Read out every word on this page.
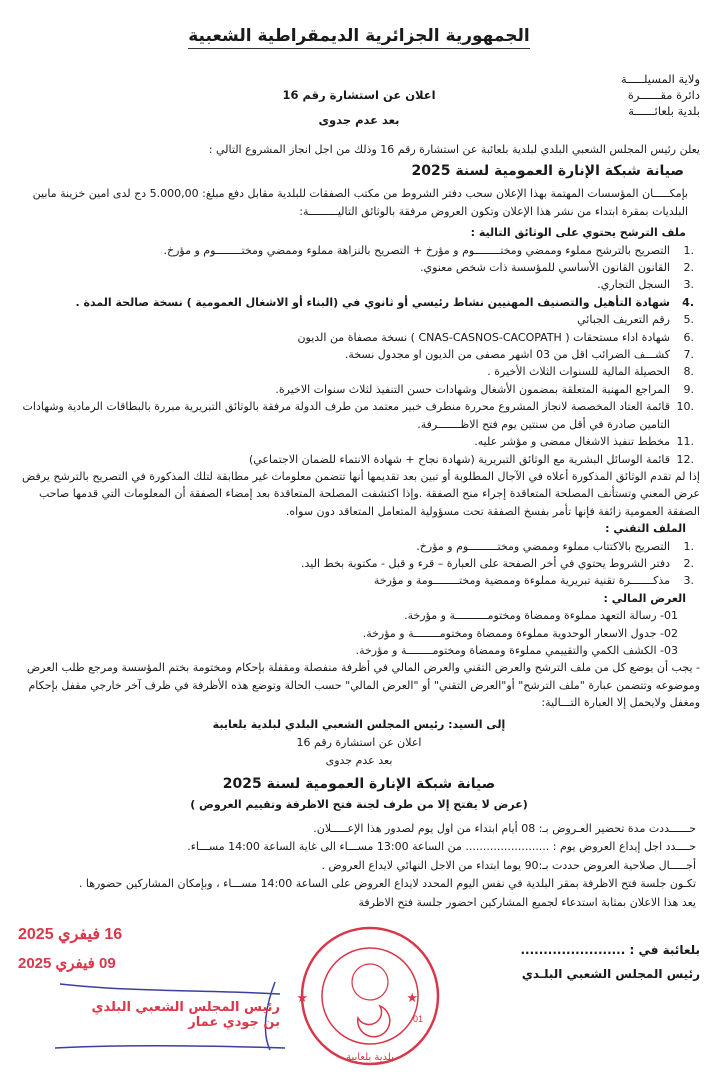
الجمهورية الجزائرية الديمقراطية الشعبية
ولاية المسيلـــــة
دائرة مقــــــرة
بلدية بلعائــــــة
اعلان عن استشارة رقم 16
بعد عدم جدوى

يعلن رئيس المجلس الشعبي البلدي لبلدية بلعائبة عن استشارة رقم 16 وذلك من اجل انجاز المشروع التالي :

صيانة شبكة الإنارة العمومية لسنة 2025

بإمكـــــان المؤسسات المهتمة بهذا الإعلان سحب دفتر الشروط من مكتب الصفقات للبلدية مقابل دفع مبلغ: 5.000,00 دج لدى امين خزينة مابين البلديات بمقرة ابتداء من نشر هذا الإعلان وتكون العروض مرفقة بالوثائق التاليـــــــــة:

ملف الترشح يحتوي على الوثائق التالية :

.1
التصريح بالترشح مملوء وممضي ومختــــــــوم و مؤرخ + التصريح بالنزاهة مملوء وممضي ومختــــــــوم و مؤرخ.
.2
القانون القانون الأساسي للمؤسسة ذات شخص معنوي.
.3
السجل التجاري.
.4
شهادة التأهيل والتصنيف المهنيين نشاط رئيسي أو ثانوي في (البناء أو الاشغال العمومية ) نسخة صالحة المدة .
.5
رقم التعريف الجبائي
.6
شهادة اداء مستحقات ( CNAS-CASNOS-CACOPATH ) نسخة مصفاة من الديون
.7
كشـــف الضرائب اقل من 03 اشهر مصفى من الديون او مجدول نسخة.
.8
الحصيلة المالية للسنوات الثلاث الأخيرة .
.9
المراجع المهنية المتعلقة بمضمون الأشغال وشهادات حسن التنفيذ لثلاث سنوات الاخيرة.
.10
قائمة العتاد المخصصة لانجاز المشروع محررة منطرف خبير معتمد من طرف الدولة مرفقة بالوثائق التبريرية مبررة بالبطاقات الرمادية وشهادات التامين صادرة في أقل من سنتين يوم فتح الاظـــــــرفة.
.11
مخطط تنفيذ الاشغال ممضى و مؤشر عليه.
.12
قائمة الوسائل البشرية مع الوثائق التبريرية (شهادة نجاح + شهادة الانتماء للضمان الاجتماعي)

إذا لم تقدم الوثائق المذكورة أعلاه في الآجال المطلوبة أو تبين بعد تقديمها أنها تتضمن معلومات غير مطابقة لتلك المذكورة في التصريح بالترشح يرفض عرض المعني وتستأنف المصلحة المتعاقدة إجراء منح الصفقة .وإذا اكتشفت المصلحة المتعاقدة بعد إمضاء الصفقة أن المعلومات التي قدمها صاحب الصفقة العمومية زائفة فإنها تأمر بفسخ الصفقة تحت مسؤولية المتعامل المتعاقد دون سواه.

الملف التقني :

.1
التصريح بالاكتتاب مملوء وممضي ومختـــــــــوم و مؤرخ.
.2
دفتر الشروط يحتوي في أخر الصفحة على العبارة – قرء و قبل - مكتوبة بخط اليد.
.3
مذكـــــــرة تقنية تبريرية مملوءة وممضية ومختــــــــومة و مؤرخة

العرض المالي :

01- رسالة التعهد مملوءة وممضاة ومختومــــــــــة و مؤرخة.
02- جدول الاسعار الوحدوية مملوءة وممضاة ومختومــــــــة و مؤرخة.
03- الكشف الكمي والتقييمي مملوءة وممضاة ومختومــــــــة و مؤرخة.

- يجب أن يوضع كل من ملف الترشح والعرض التقني والعرض المالي في أظرفة منفصلة ومقفلة بإحكام ومختومة بختم المؤسسة ومرجع طلب العرض وموضوعه وتتضمن عبارة "ملف الترشح" أو"العرض التقني" أو "العرض المالي" حسب الحالة وتوضع هذه الأظرفة في ظرف آخر خارجي مقفل بإحكام ومغفل ولايحمل إلا العبارة التـــالية:

إلى السيد: رئيس المجلس الشعبي البلدي لبلدية بلعايبة
اعلان عن استشارة رقم 16
بعد عدم جدوى
صيانة شبكة الإنارة العمومية لسنة 2025
(عرض لا يفتح إلا من طرف لجنة فتح الاظرفة وتقييم العروض )
حــــــددت مدة تحضير العـروض بـ: 08 أيام ابتداء من اول يوم لصدور هذا الإعـــــلان.
حــــدد اجل إيداع العروض يوم : ........................ من الساعة 13:00 مســـاء الى غاية الساعة 14:00 مســـاء.
أجـــــال صلاحية العروض حددت بـ:90 يوما ابتداء من الاجل النهائي لايداع العروض .
تكـون جلسة فتح الاظرفة بمقر البلدية في نفس اليوم المحدد لايداع العروض على الساعة 14:00 مســـاء ، وبإمكان المشاركين حضورها .
يعد هذا الاعلان بمثابة استدعاء لجميع المشاركين احضور جلسة فتح الاظرفة
بلعائبة في : .......................
رئيس المجلس الشعبي البلـدي
★	★
01
بلدية بلعايبة
16 فيفري 2025
09 فيفري 2025
رئيس المجلس الشعبي البلدي بن جودي عمار
